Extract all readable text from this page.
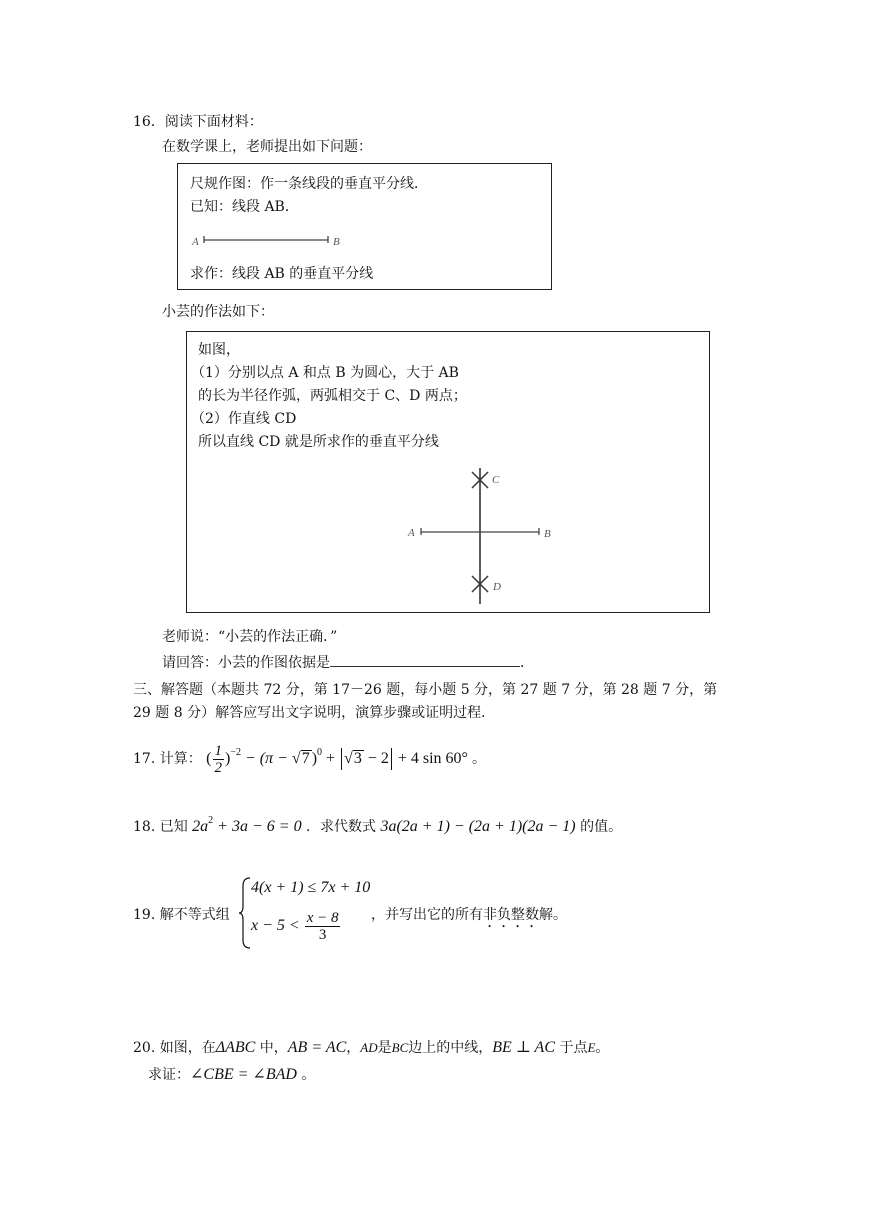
16．阅读下面材料：
在数学课上，老师提出如下问题：
尺规作图：作一条线段的垂直平分线．
已知：线段 AB．
A	B
求作：线段 AB 的垂直平分线
小芸的作法如下：
如图，
（1）分别以点 A 和点 B 为圆心，大于 AB
的长为半径作弧，两弧相交于 C、D 两点；
（2）作直线 CD
所以直线 CD 就是所求作的垂直平分线
A	B
C
D
老师说：“小芸的作法正确．”
请回答：小芸的作图依据是	．
三、解答题（本题共 72 分，第 17－26 题，每小题 5 分，第 27 题 7 分，第 28 题 7 分，第
29 题 8 分）解答应写出文字说明，演算步骤或证明过程．
17. 计算： ( $\frac{1}{2} )^{-2} - (\pi - √7$ )$^0$ + √3 − 2 + 4 sin 60° 。
18. 已知 $2a^2 + 3a - 6 = 0$ ．求代数式 3a(2a + 1) − (2a + 1)(2a − 1) 的值。
19. 解不等式组
4(x + 1) ≤ 7x + 10
$x - 5 < \frac{x - 8}{3}$ ，并写出它的所有非负整数解。
20. 如图，在ΔABC 中，AB = AC，AD是BC边上的中线，BE ⊥ AC 于点E。
求证：∠CBE = ∠BAD 。
